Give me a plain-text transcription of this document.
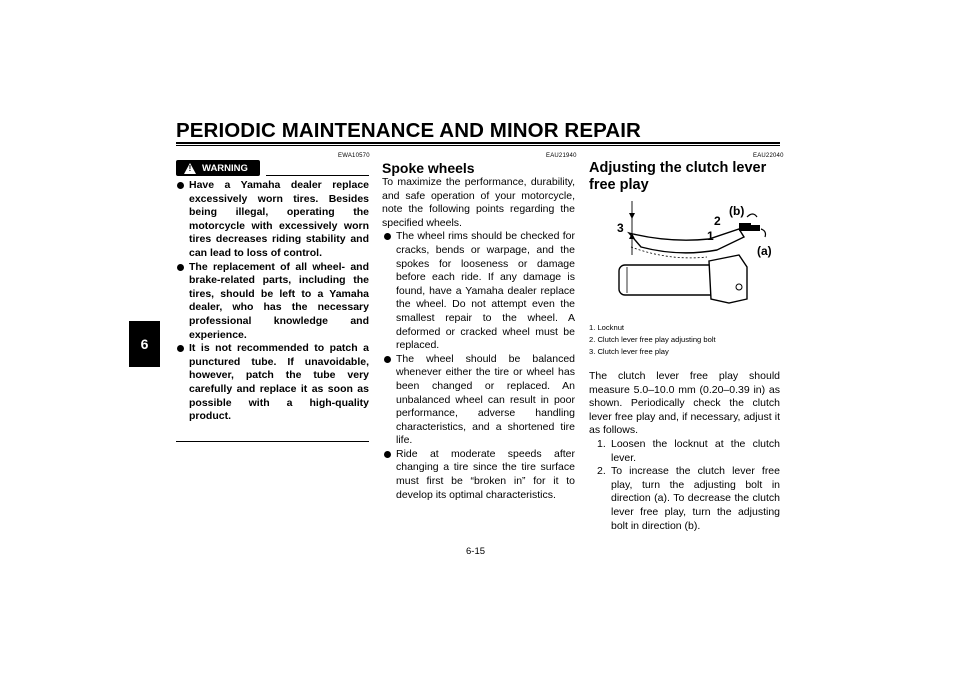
PERIODIC MAINTENANCE AND MINOR REPAIR
6
EWA10570
! WARNING
Have a Yamaha dealer replace excessively worn tires. Besides being illegal, operating the motorcycle with excessively worn tires decreases riding stability and can lead to loss of control.
The replacement of all wheel- and brake-related parts, including the tires, should be left to a Yamaha dealer, who has the necessary professional knowledge and experience.
It is not recommended to patch a punctured tube. If unavoidable, however, patch the tube very carefully and replace it as soon as possible with a high-quality product.
EAU21940
Spoke wheels

To maximize the performance, durability, and safe operation of your motorcycle, note the following points regarding the specified wheels.

The wheel rims should be checked for cracks, bends or warpage, and the spokes for looseness or damage before each ride. If any damage is found, have a Yamaha dealer replace the wheel. Do not attempt even the smallest repair to the wheel. A deformed or cracked wheel must be replaced.
The wheel should be balanced whenever either the tire or wheel has been changed or replaced. An unbalanced wheel can result in poor performance, adverse handling characteristics, and a shortened tire life.
Ride at moderate speeds after changing a tire since the tire surface must first be “broken in” for it to develop its optimal characteristics.
EAU22040
Adjusting the clutch lever free play
3	2
1
(b)
(a)
1. Locknut
2. Clutch lever free play adjusting bolt
3. Clutch lever free play

The clutch lever free play should measure 5.0–10.0 mm (0.20–0.39 in) as shown. Periodically check the clutch lever free play and, if necessary, adjust it as follows.

1. Loosen the locknut at the clutch lever.
2. To increase the clutch lever free play, turn the adjusting bolt in direction (a). To decrease the clutch lever free play, turn the adjusting bolt in direction (b).
6-15
